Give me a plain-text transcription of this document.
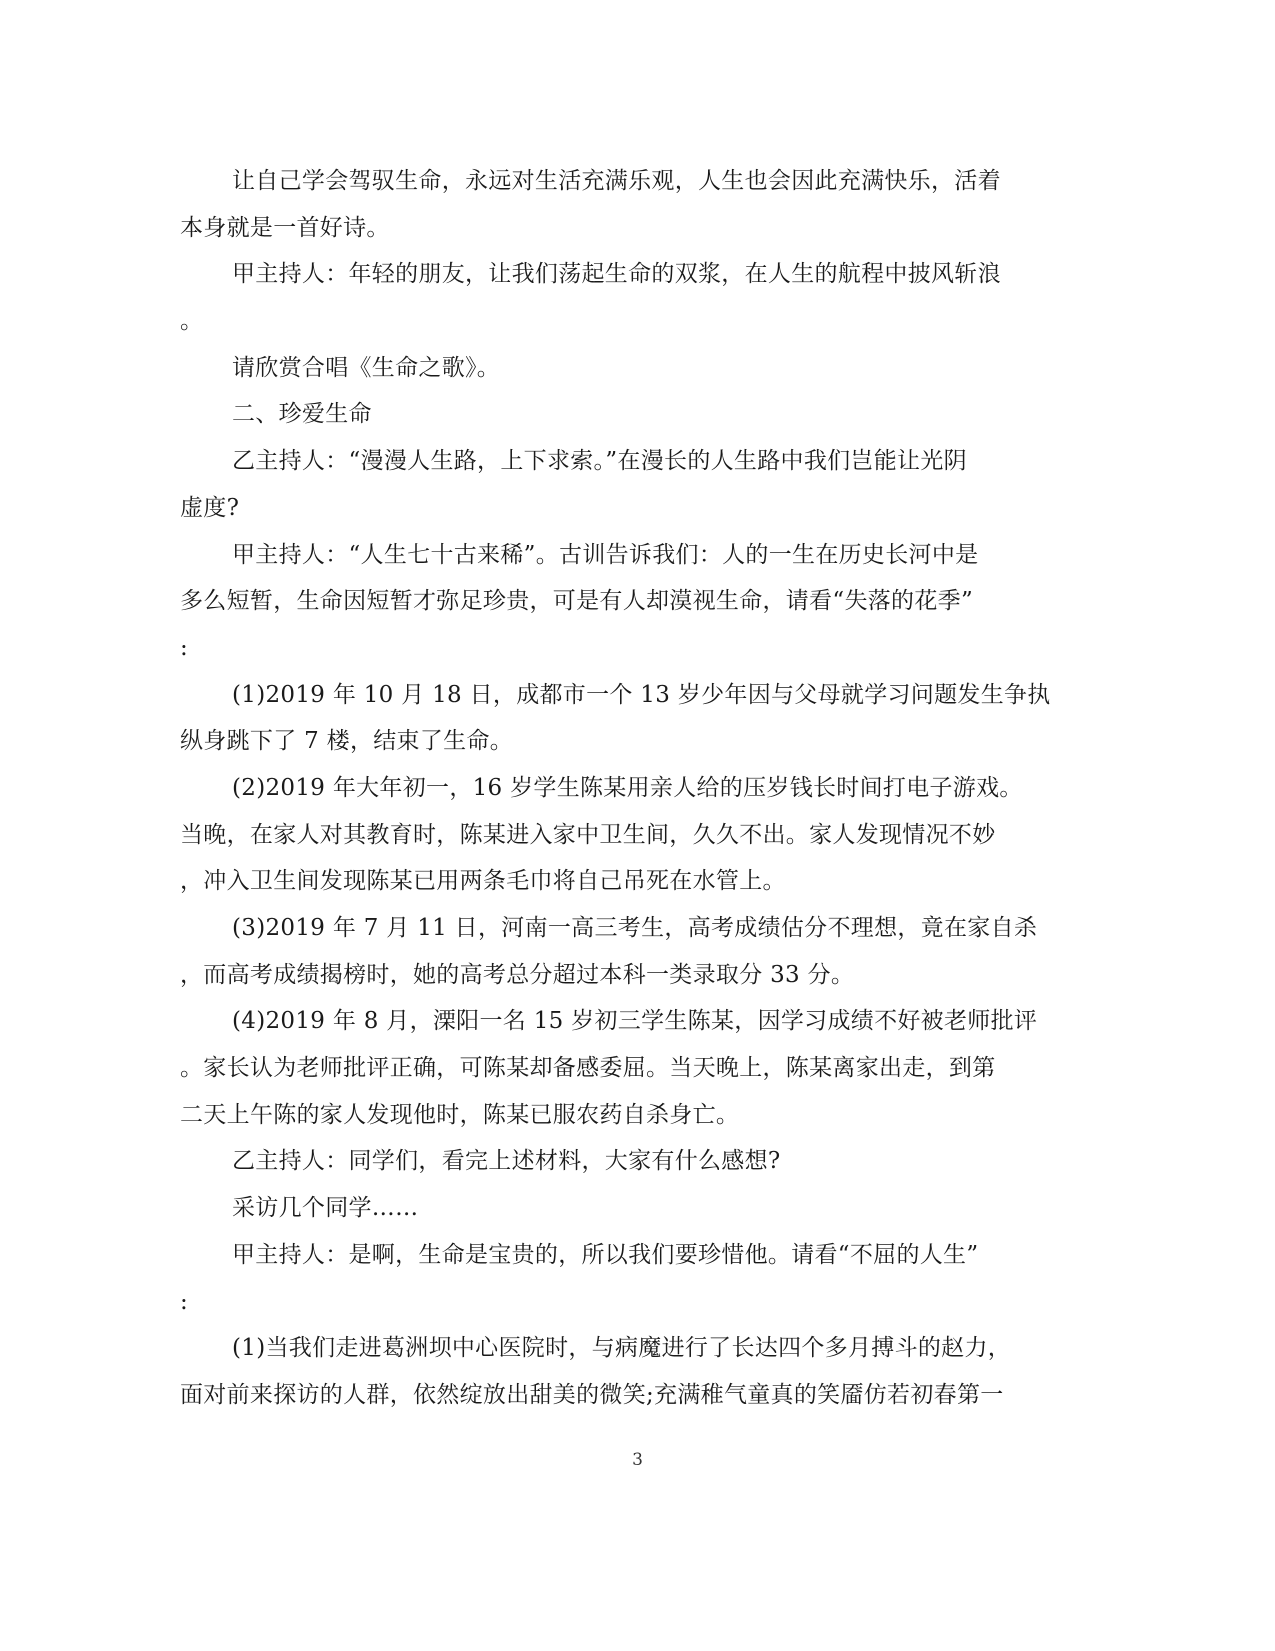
让自己学会驾驭生命，永远对生活充满乐观，人生也会因此充满快乐，活着
本身就是一首好诗。
甲主持人：年轻的朋友，让我们荡起生命的双浆，在人生的航程中披风斩浪
。
请欣赏合唱《生命之歌》。
二、珍爱生命
乙主持人：“漫漫人生路，上下求索。”在漫长的人生路中我们岂能让光阴
虚度?
甲主持人：“人生七十古来稀”。古训告诉我们：人的一生在历史长河中是
多么短暂，生命因短暂才弥足珍贵，可是有人却漠视生命，请看“失落的花季”
:
(1)2019 年 10 月 18 日，成都市一个 13 岁少年因与父母就学习问题发生争执
纵身跳下了 7 楼，结束了生命。
(2)2019 年大年初一，16 岁学生陈某用亲人给的压岁钱长时间打电子游戏。
当晚，在家人对其教育时，陈某进入家中卫生间，久久不出。家人发现情况不妙
，冲入卫生间发现陈某已用两条毛巾将自己吊死在水管上。
(3)2019 年 7 月 11 日，河南一高三考生，高考成绩估分不理想，竟在家自杀
，而高考成绩揭榜时，她的高考总分超过本科一类录取分 33 分。
(4)2019 年 8 月，溧阳一名 15 岁初三学生陈某，因学习成绩不好被老师批评
。家长认为老师批评正确，可陈某却备感委屈。当天晚上，陈某离家出走，到第
二天上午陈的家人发现他时，陈某已服农药自杀身亡。
乙主持人：同学们，看完上述材料，大家有什么感想?
采访几个同学……
甲主持人：是啊，生命是宝贵的，所以我们要珍惜他。请看“不屈的人生”
:
(1)当我们走进葛洲坝中心医院时，与病魔进行了长达四个多月搏斗的赵力，
面对前来探访的人群，依然绽放出甜美的微笑;充满稚气童真的笑靥仿若初春第一
3
